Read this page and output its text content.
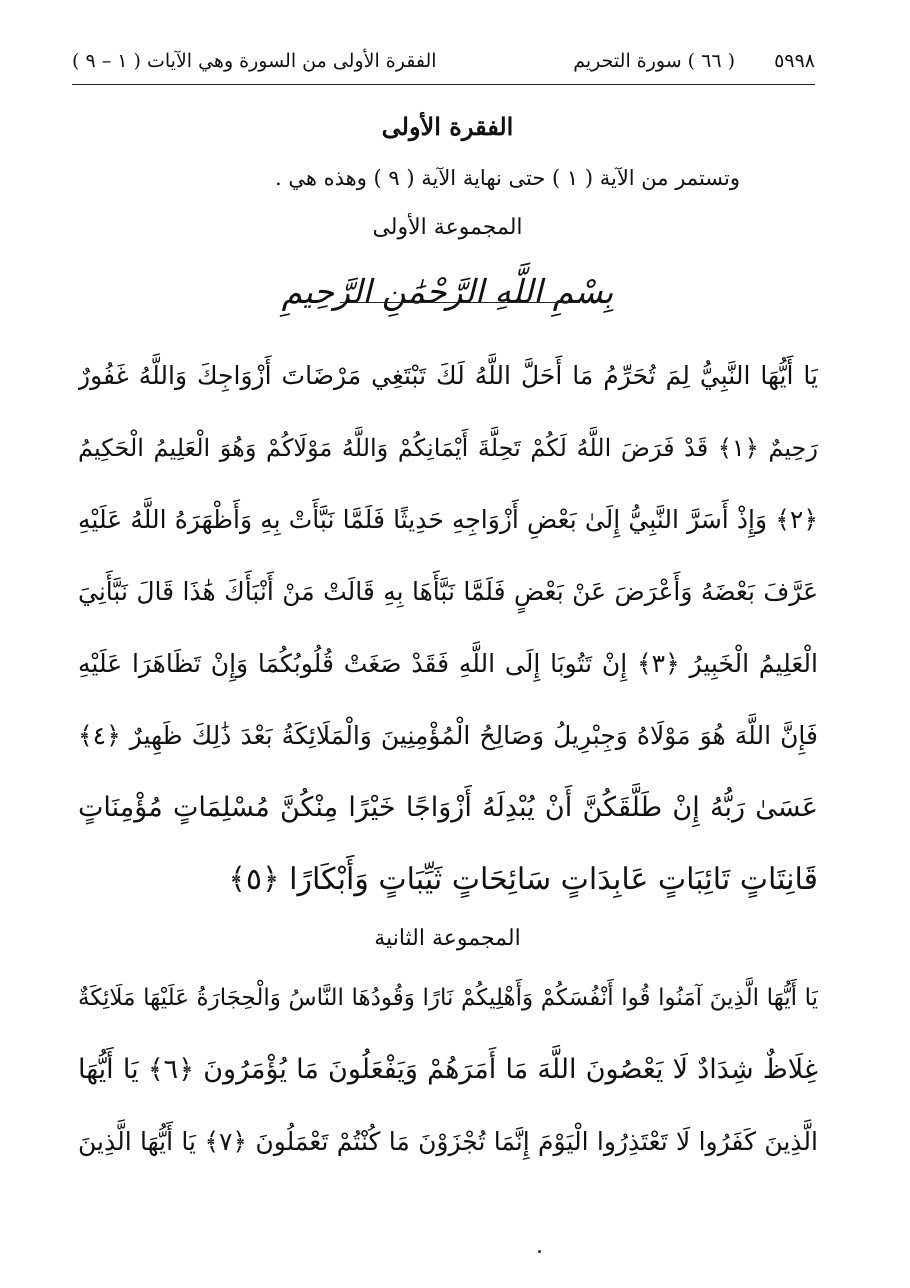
٥٩٩٨
( ٦٦ ) سورة التحريم
الفقرة الأولى من السورة وهي الآيات ( ١ – ٩ )
الفقرة الأولى
وتستمر من الآية ( ١ ) حتى نهاية الآية ( ٩ ) وهذه هي .
المجموعة الأولى
بِسْمِ اللَّهِ الرَّحْمَٰنِ الرَّحِيمِ
يَا أَيُّهَا النَّبِيُّ لِمَ تُحَرِّمُ مَا أَحَلَّ اللَّهُ لَكَ تَبْتَغِي مَرْضَاتَ أَزْوَاجِكَ وَاللَّهُ غَفُورٌ
رَحِيمٌ ﴿١﴾ قَدْ فَرَضَ اللَّهُ لَكُمْ تَحِلَّةَ أَيْمَانِكُمْ وَاللَّهُ مَوْلَاكُمْ وَهُوَ الْعَلِيمُ الْحَكِيمُ
﴿٢﴾ وَإِذْ أَسَرَّ النَّبِيُّ إِلَىٰ بَعْضِ أَزْوَاجِهِ حَدِيثًا فَلَمَّا نَبَّأَتْ بِهِ وَأَظْهَرَهُ اللَّهُ عَلَيْهِ
عَرَّفَ بَعْضَهُ وَأَعْرَضَ عَنْ بَعْضٍ فَلَمَّا نَبَّأَهَا بِهِ قَالَتْ مَنْ أَنْبَأَكَ هَٰذَا قَالَ نَبَّأَنِيَ
الْعَلِيمُ الْخَبِيرُ ﴿٣﴾ إِنْ تَتُوبَا إِلَى اللَّهِ فَقَدْ صَغَتْ قُلُوبُكُمَا وَإِنْ تَظَاهَرَا عَلَيْهِ
فَإِنَّ اللَّهَ هُوَ مَوْلَاهُ وَجِبْرِيلُ وَصَالِحُ الْمُؤْمِنِينَ وَالْمَلَائِكَةُ بَعْدَ ذَٰلِكَ ظَهِيرٌ ﴿٤﴾
عَسَىٰ رَبُّهُ إِنْ طَلَّقَكُنَّ أَنْ يُبْدِلَهُ أَزْوَاجًا خَيْرًا مِنْكُنَّ مُسْلِمَاتٍ مُؤْمِنَاتٍ
قَانِتَاتٍ تَائِبَاتٍ عَابِدَاتٍ سَائِحَاتٍ ثَيِّبَاتٍ وَأَبْكَارًا ﴿٥﴾
المجموعة الثانية
يَا أَيُّهَا الَّذِينَ آمَنُوا قُوا أَنْفُسَكُمْ وَأَهْلِيكُمْ نَارًا وَقُودُهَا النَّاسُ وَالْحِجَارَةُ عَلَيْهَا مَلَائِكَةٌ
غِلَاظٌ شِدَادٌ لَا يَعْصُونَ اللَّهَ مَا أَمَرَهُمْ وَيَفْعَلُونَ مَا يُؤْمَرُونَ ﴿٦﴾ يَا أَيُّهَا
الَّذِينَ كَفَرُوا لَا تَعْتَذِرُوا الْيَوْمَ إِنَّمَا تُجْزَوْنَ مَا كُنْتُمْ تَعْمَلُونَ ﴿٧﴾ يَا أَيُّهَا الَّذِينَ
